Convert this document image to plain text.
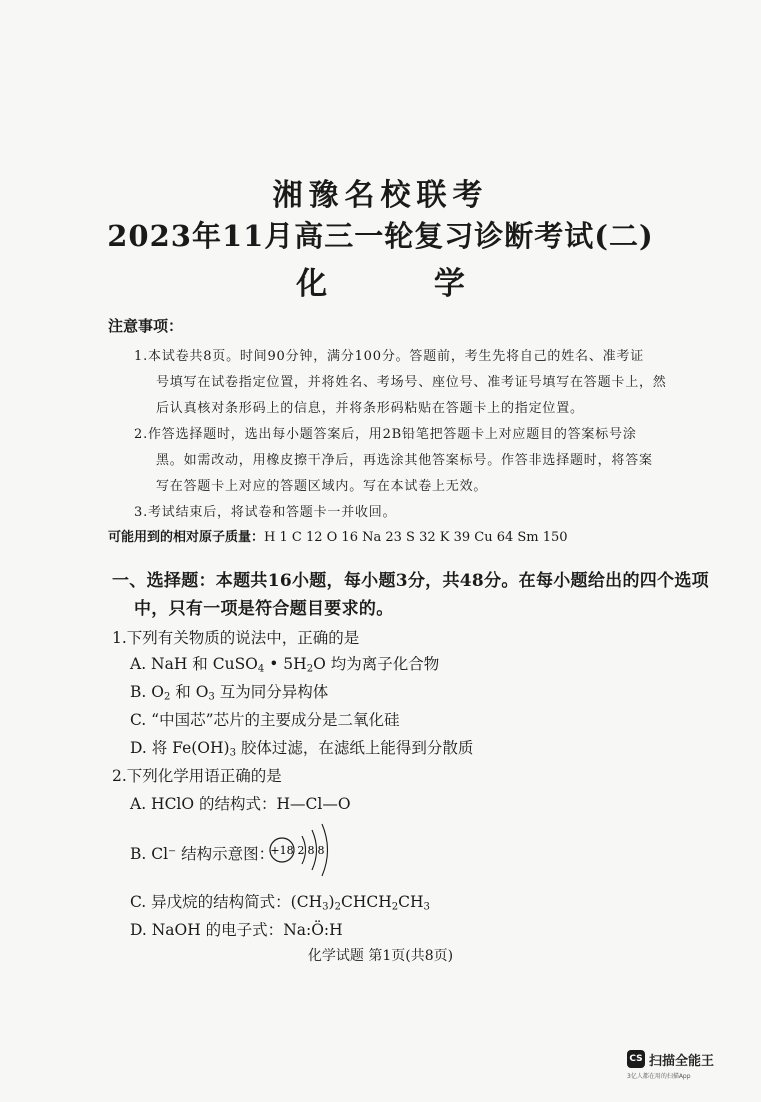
湘豫名校联考
2023年11月高三一轮复习诊断考试(二)
化 学
注意事项：
1.本试卷共8页。时间90分钟，满分100分。答题前，考生先将自己的姓名、准考证
号填写在试卷指定位置，并将姓名、考场号、座位号、准考证号填写在答题卡上，然
后认真核对条形码上的信息，并将条形码粘贴在答题卡上的指定位置。
2.作答选择题时，选出每小题答案后，用2B铅笔把答题卡上对应题目的答案标号涂
黑。如需改动，用橡皮擦干净后，再选涂其他答案标号。作答非选择题时，将答案
写在答题卡上对应的答题区域内。写在本试卷上无效。
3.考试结束后，将试卷和答题卡一并收回。
可能用到的相对原子质量：H 1 C 12 O 16 Na 23 S 32 K 39 Cu 64 Sm 150
一、选择题：本题共16小题，每小题3分，共48分。在每小题给出的四个选项
中，只有一项是符合题目要求的。
1.下列有关物质的说法中，正确的是
A. NaH 和 CuSO$_4$ • $5H_2O$ 均为离子化合物
B. $O_2$ 和 $O_3$ 互为同分异构体
C. “中国芯”芯片的主要成分是二氧化硅
D. 将 $Fe(OH)_3$ 胶体过滤，在滤纸上能得到分散质
2.下列化学用语正确的是
A. HClO 的结构式：H—Cl—O
B. Cl⁻ 结构示意图：
+18 2 8 8
C. 异戊烷的结构简式：$(CH_3)_2CHCH_2CH_3$
D. NaOH 的电子式：Na:Ö:H
化学试题 第1页(共8页)
CS 扫描全能王
3亿人都在用的扫描App
